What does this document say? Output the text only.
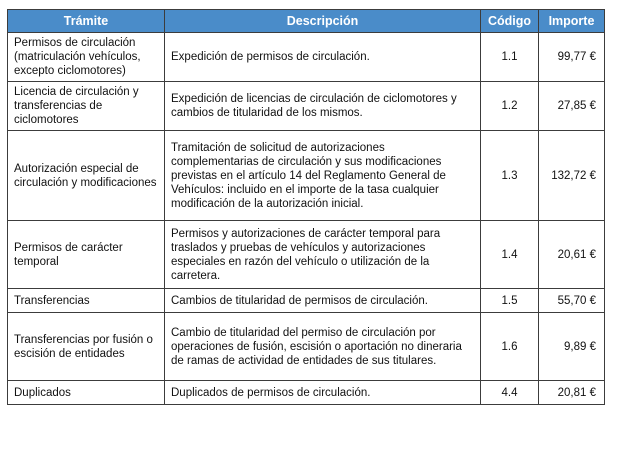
Trámite	Descripción	Código	Importe
Permisos de circulación (matriculación vehículos, excepto ciclomotores)	Expedición de permisos de circulación.	1.1	99,77 €
Licencia de circulación y transferencias de ciclomotores	Expedición de licencias de circulación de ciclomotores y cambios de titularidad de los mismos.	1.2	27,85 €
Autorización especial de circulación y modificaciones	Tramitación de solicitud de autorizaciones complementarias de circulación y sus modificaciones previstas en el artículo 14 del Reglamento General de Vehículos: incluido en el importe de la tasa cualquier modificación de la autorización inicial.	1.3	132,72 €
Permisos de carácter temporal	Permisos y autorizaciones de carácter temporal para traslados y pruebas de vehículos y autorizaciones especiales en razón del vehículo o utilización de la carretera.	1.4	20,61 €
Transferencias	Cambios de titularidad de permisos de circulación.	1.5	55,70 €
Transferencias por fusión o escisión de entidades	Cambio de titularidad del permiso de circulación por operaciones de fusión, escisión o aportación no dineraria de ramas de actividad de entidades de sus titulares.	1.6	9,89 €
Duplicados	Duplicados de permisos de circulación.	4.4	20,81 €
